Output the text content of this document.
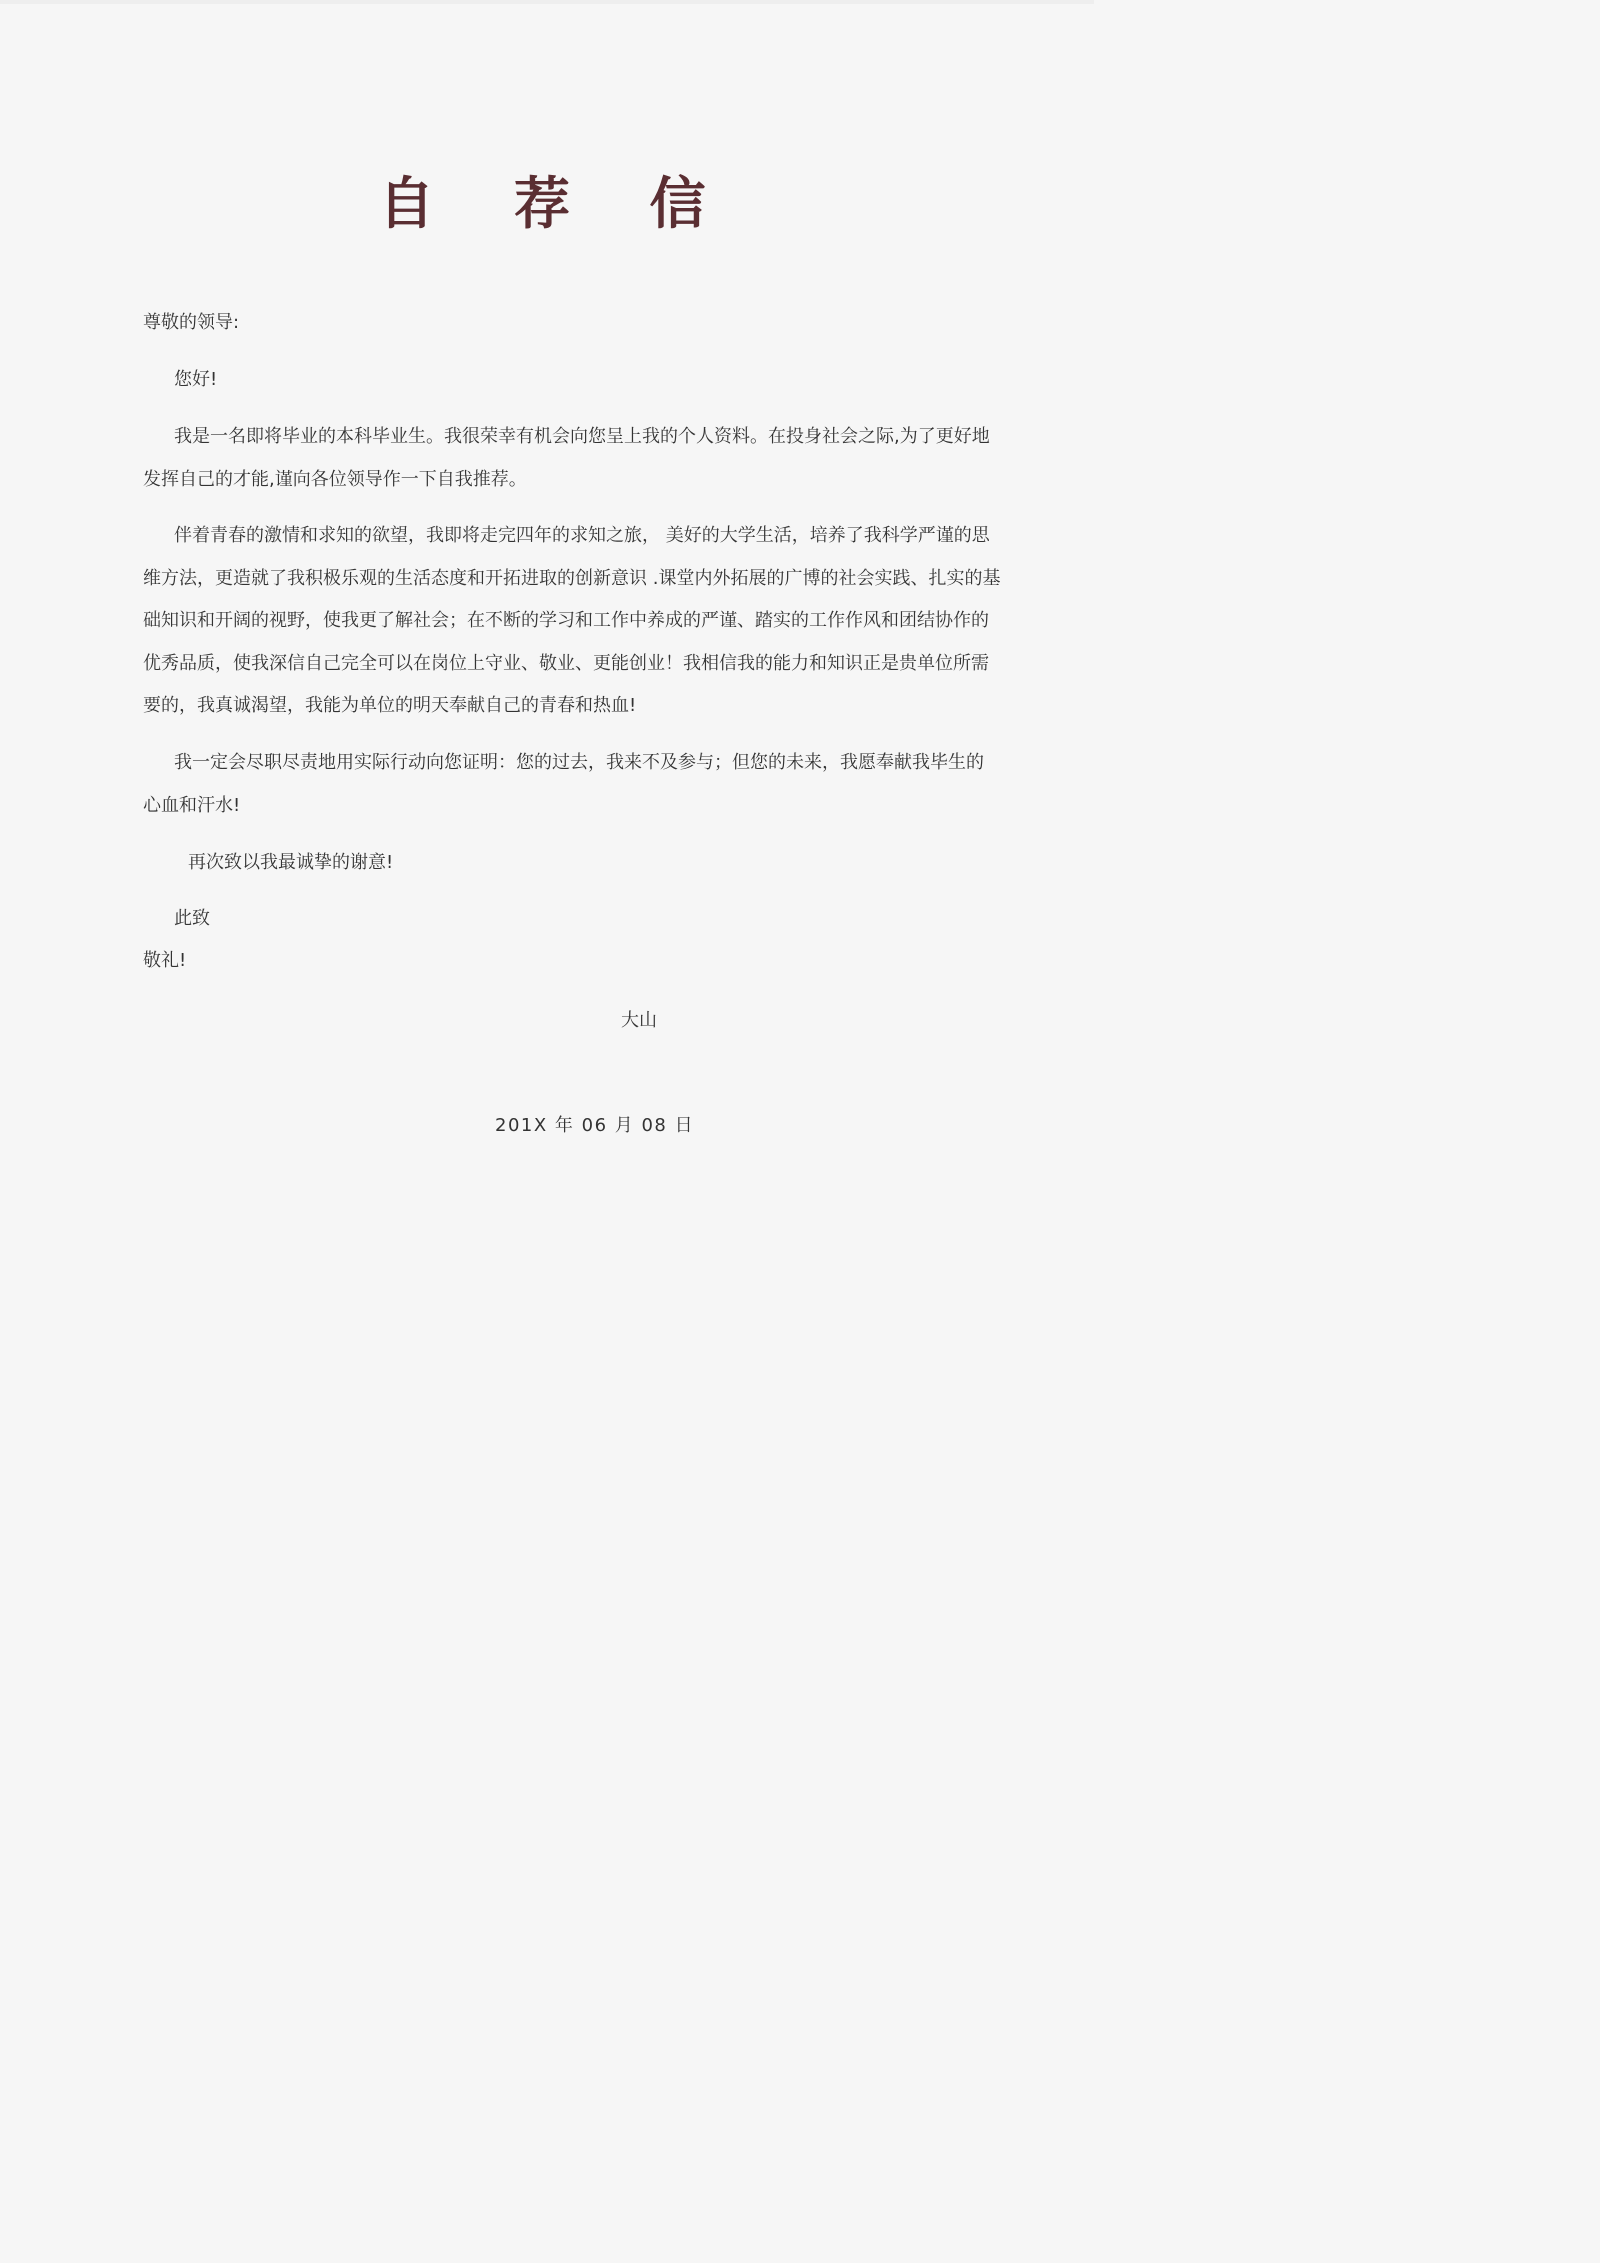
自 荐 信

尊敬的领导:

您好!

我是一名即将毕业的本科毕业生。我很荣幸有机会向您呈上我的个人资料。在投身社会之际,为了更好地发挥自己的才能,谨向各位领导作一下自我推荐。

伴着青春的激情和求知的欲望，我即将走完四年的求知之旅， 美好的大学生活，培养了我科学严谨的思维方法，更造就了我积极乐观的生活态度和开拓进取的创新意识 .课堂内外拓展的广博的社会实践、扎实的基础知识和开阔的视野，使我更了解社会；在不断的学习和工作中养成的严谨、踏实的工作作风和团结协作的优秀品质，使我深信自己完全可以在岗位上守业、敬业、更能创业！我相信我的能力和知识正是贵单位所需要的，我真诚渴望，我能为单位的明天奉献自己的青春和热血!

我一定会尽职尽责地用实际行动向您证明：您的过去，我来不及参与；但您的未来，我愿奉献我毕生的心血和汗水!

再次致以我最诚挚的谢意!

此致

敬礼!

大山
201X 年 06 月 08 日
